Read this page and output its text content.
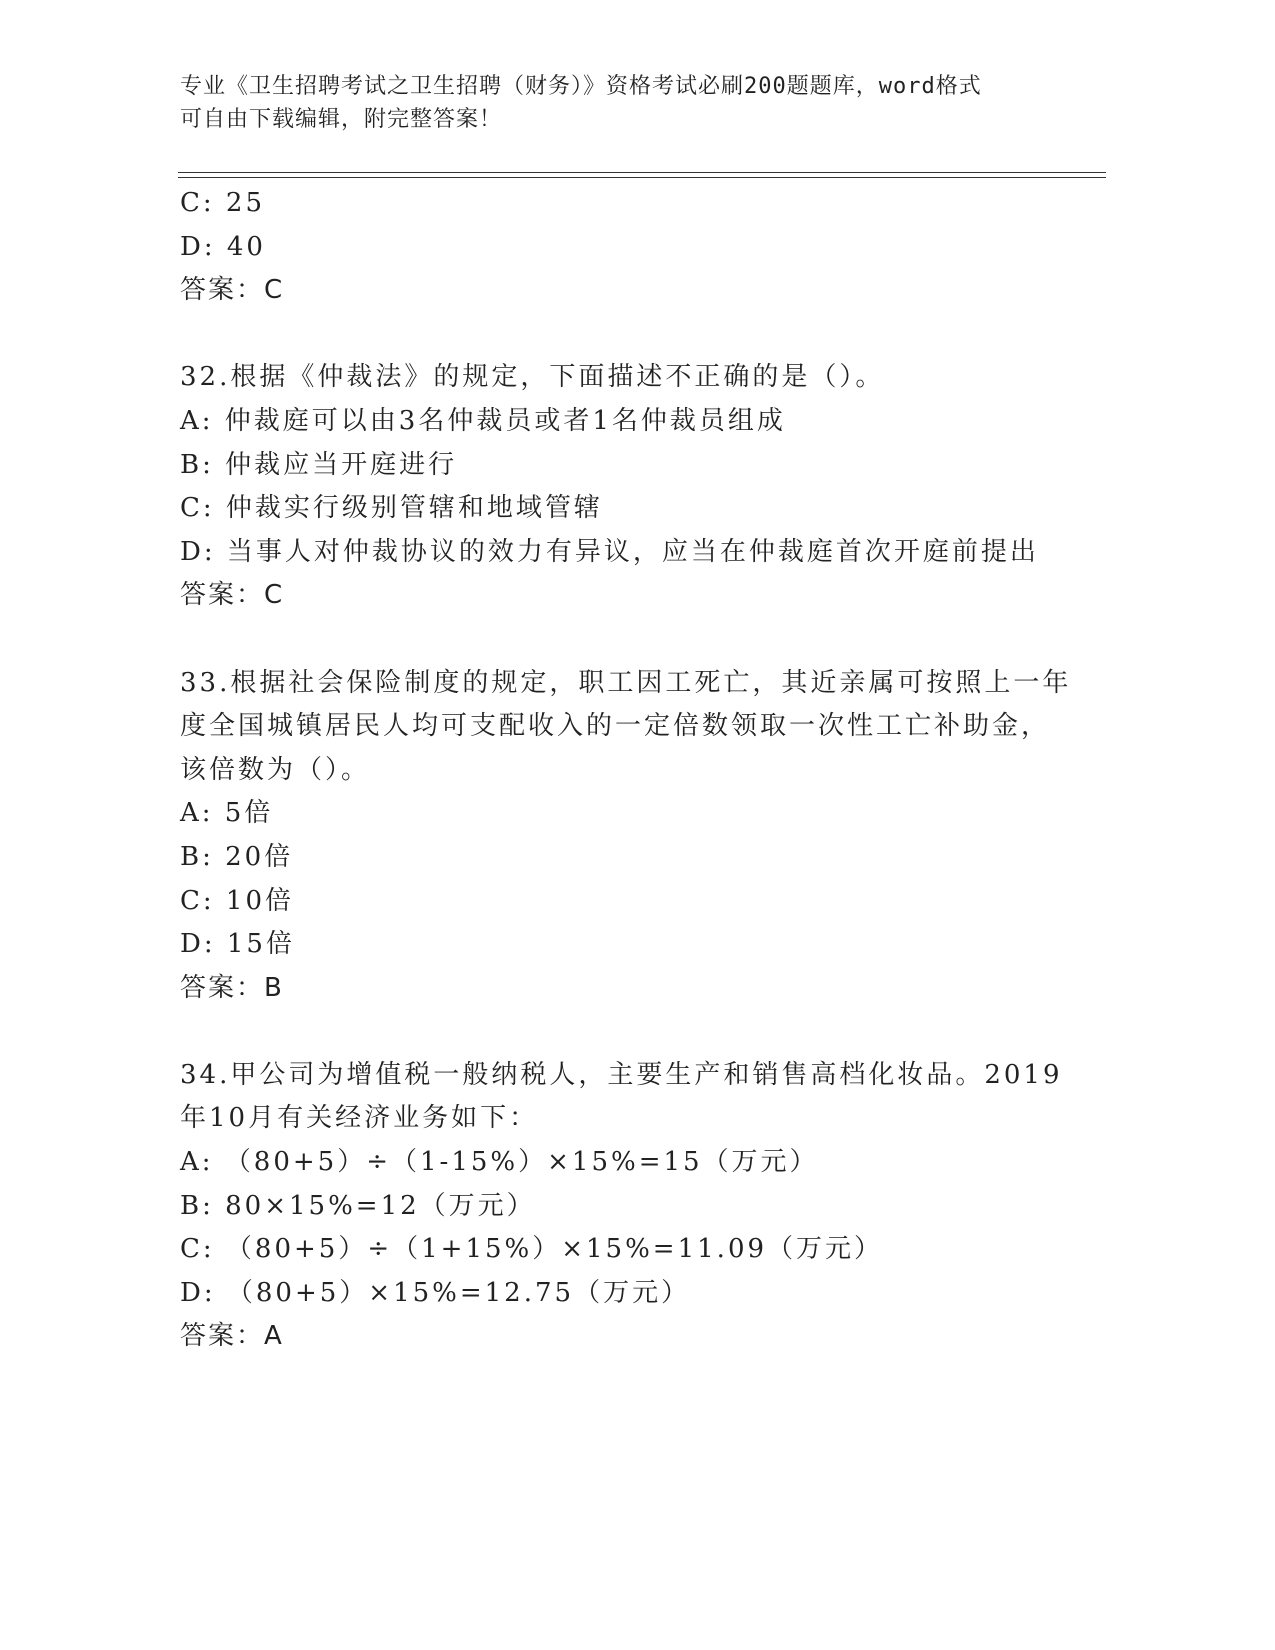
专业《卫生招聘考试之卫生招聘（财务）》资格考试必刷200题题库，word格式
可自由下载编辑，附完整答案！
C: 25
D: 40
答案：C
32.根据《仲裁法》的规定，下面描述不正确的是（）。
A: 仲裁庭可以由3名仲裁员或者1名仲裁员组成
B: 仲裁应当开庭进行
C: 仲裁实行级别管辖和地域管辖
D: 当事人对仲裁协议的效力有异议，应当在仲裁庭首次开庭前提出
答案：C
33.根据社会保险制度的规定，职工因工死亡，其近亲属可按照上一年
度全国城镇居民人均可支配收入的一定倍数领取一次性工亡补助金，
该倍数为（）。
A: 5倍
B: 20倍
C: 10倍
D: 15倍
答案：B
34.甲公司为增值税一般纳税人，主要生产和销售高档化妆品。2019
年10月有关经济业务如下：
A: （80+5）÷（1-15%）×15%=15（万元）
B: 80×15%=12（万元）
C: （80+5）÷（1+15%）×15%=11.09（万元）
D: （80+5）×15%=12.75（万元）
答案：A
